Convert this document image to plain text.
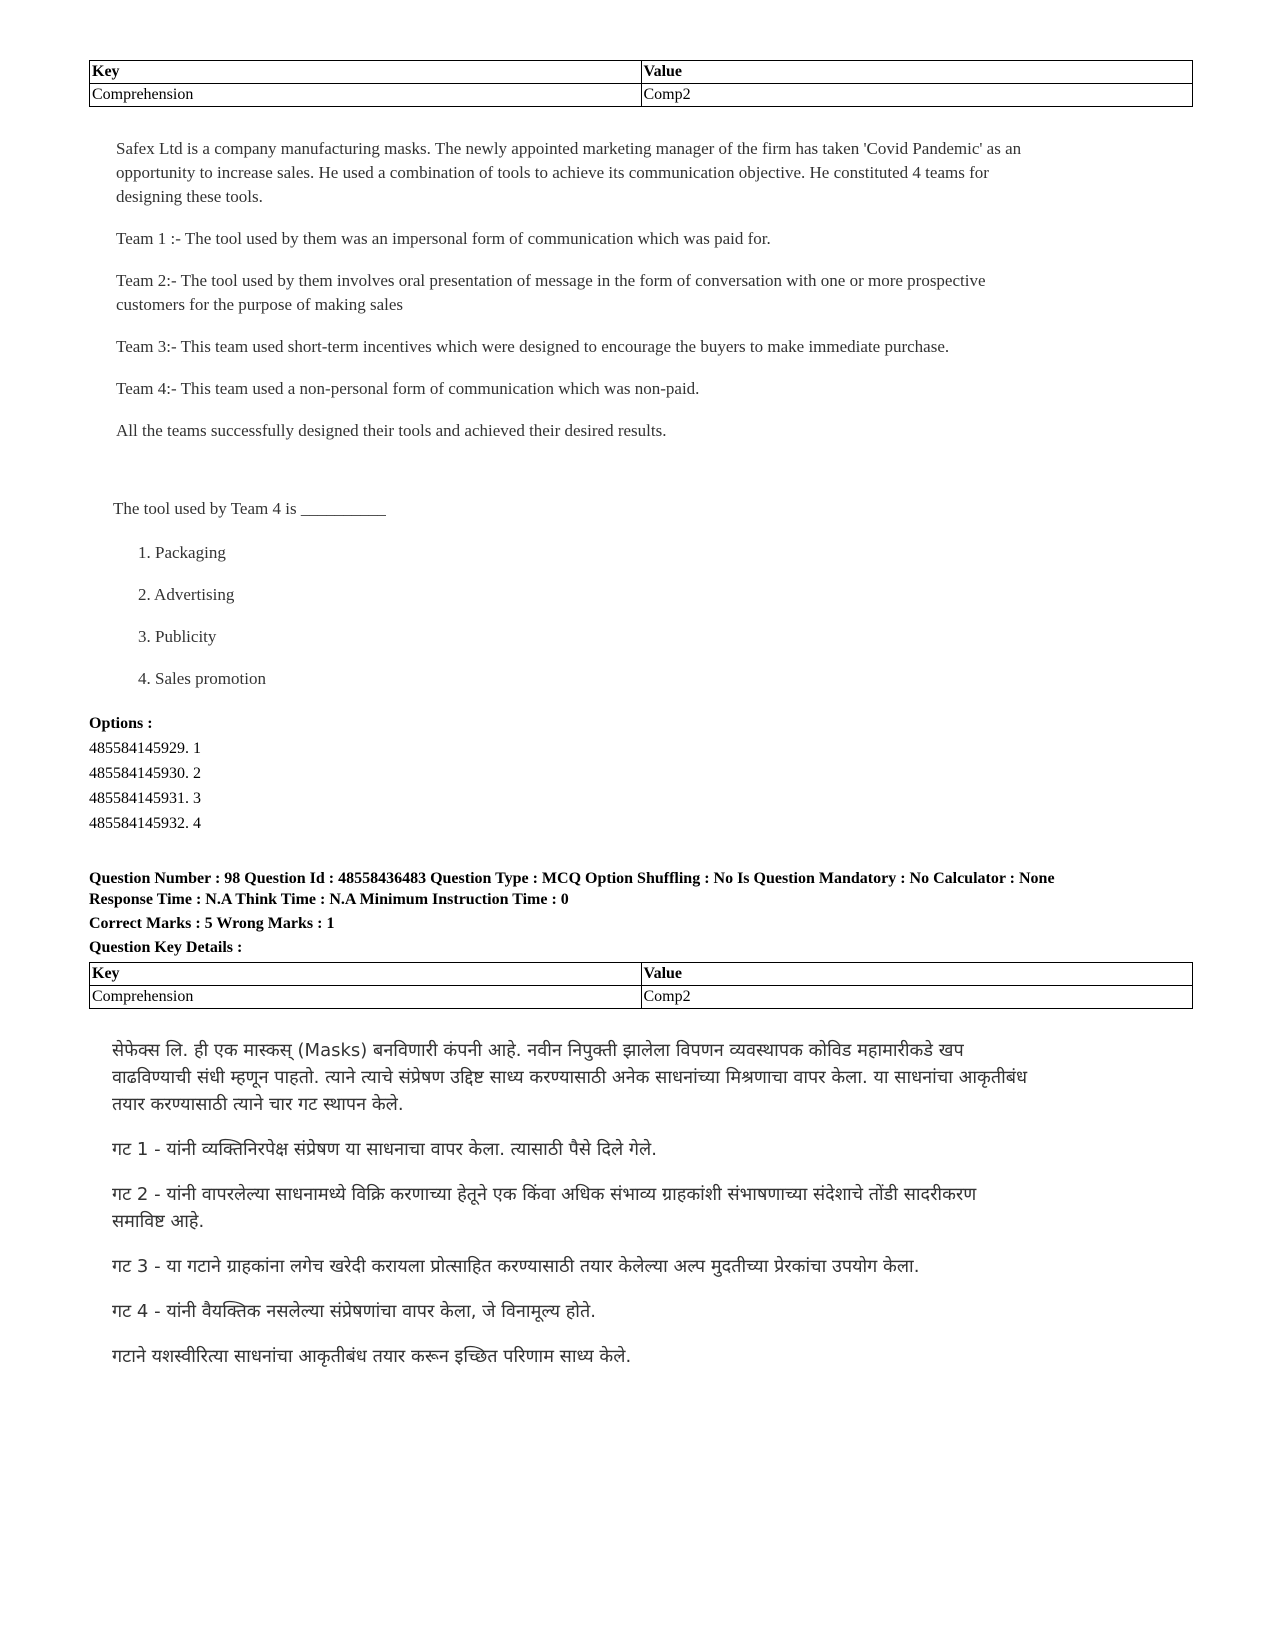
Key	Value
Comprehension	Comp2

Safex Ltd is a company manufacturing masks. The newly appointed marketing manager of the firm has taken 'Covid Pandemic' as an opportunity to increase sales. He used a combination of tools to achieve its communication objective. He constituted 4 teams for designing these tools.

Team 1 :- The tool used by them was an impersonal form of communication which was paid for.

Team 2:- The tool used by them involves oral presentation of message in the form of conversation with one or more prospective customers for the purpose of making sales

Team 3:- This team used short-term incentives which were designed to encourage the buyers to make immediate purchase.

Team 4:- This team used a non-personal form of communication which was non-paid.

All the teams successfully designed their tools and achieved their desired results.

The tool used by Team 4 is __________

1. Packaging
2. Advertising
3. Publicity
4. Sales promotion
Options :
485584145929. 1
485584145930. 2
485584145931. 3
485584145932. 4
Question Number : 98 Question Id : 48558436483 Question Type : MCQ Option Shuffling : No Is Question Mandatory : No Calculator : None
Response Time : N.A Think Time : N.A Minimum Instruction Time : 0
Correct Marks : 5 Wrong Marks : 1
Question Key Details :
Key	Value
Comprehension	Comp2

सेफेक्स लि. ही एक मास्कस् (Masks) बनविणारी कंपनी आहे. नवीन निपुक्ती झालेला विपणन व्यवस्थापक कोविड महामारीकडे खप वाढविण्याची संधी म्हणून पाहतो. त्याने त्याचे संप्रेषण उद्दिष्ट साध्य करण्यासाठी अनेक साधनांच्या मिश्रणाचा वापर केला. या साधनांचा आकृतीबंध तयार करण्यासाठी त्याने चार गट स्थापन केले.

गट 1 - यांनी व्यक्तिनिरपेक्ष संप्रेषण या साधनाचा वापर केला. त्यासाठी पैसे दिले गेले.

गट 2 - यांनी वापरलेल्या साधनामध्ये विक्रि करणाच्या हेतूने एक किंवा अधिक संभाव्य ग्राहकांशी संभाषणाच्या संदेशाचे तोंडी सादरीकरण समाविष्ट आहे.

गट 3 - या गटाने ग्राहकांना लगेच खरेदी करायला प्रोत्साहित करण्यासाठी तयार केलेल्या अल्प मुदतीच्या प्रेरकांचा उपयोग केला.

गट 4 - यांनी वैयक्तिक नसलेल्या संप्रेषणांचा वापर केला, जे विनामूल्य होते.

गटाने यशस्वीरित्या साधनांचा आकृतीबंध तयार करून इच्छित परिणाम साध्य केले.
